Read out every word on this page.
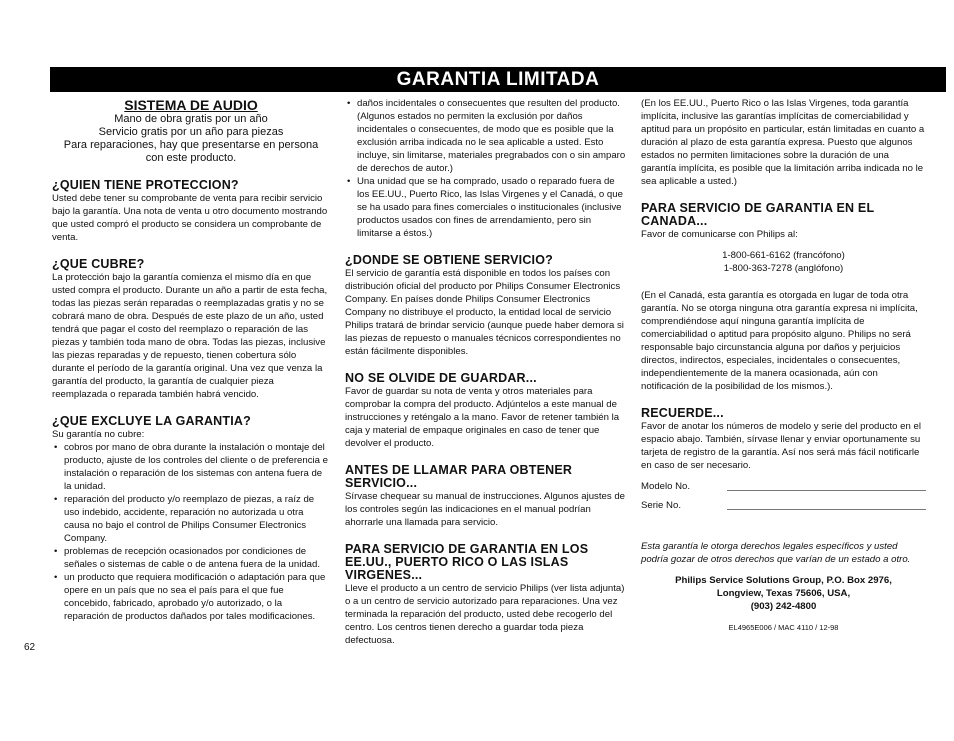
GARANTIA LIMITADA
SISTEMA DE AUDIO
Mano de obra gratis por un año
Servicio gratis por un año para piezas
Para reparaciones, hay que presentarse en persona
con este producto.
¿QUIEN TIENE PROTECCION?

Usted debe tener su comprobante de venta para recibir servicio bajo la garantía. Una nota de venta u otro documento mostrando que usted compró el producto se considera un comprobante de venta.

¿QUE CUBRE?

La protección bajo la garantía comienza el mismo día en que usted compra el producto. Durante un año a partir de esta fecha, todas las piezas serán reparadas o reemplazadas gratis y no se cobrará mano de obra. Después de este plazo de un año, usted tendrá que pagar el costo del reemplazo o reparación de las piezas y también toda mano de obra. Todas las piezas, inclusive las piezas reparadas y de repuesto, tienen cobertura sólo durante el período de la garantía original. Una vez que venza la garantía del producto, la garantía de cualquier pieza reemplazada o reparada también habrá vencido.

¿QUE EXCLUYE LA GARANTIA?

Su garantía no cubre:

• cobros por mano de obra durante la instalación o montaje del producto, ajuste de los controles del cliente o de preferencia e instalación o reparación de los sistemas con antena fuera de la unidad.
• reparación del producto y/o reemplazo de piezas, a raíz de uso indebido, accidente, reparación no autorizada u otra causa no bajo el control de Philips Consumer Electronics Company.
• problemas de recepción ocasionados por condiciones de señales o sistemas de cable o de antena fuera de la unidad.
• un producto que requiera modificación o adaptación para que opere en un país que no sea el país para el que fue concebido, fabricado, aprobado y/o autorizado, o la reparación de productos dañados por tales modificaciones.
62
• daños incidentales o consecuentes que resulten del producto. (Algunos estados no permiten la exclusión por daños incidentales o consecuentes, de modo que es posible que la exclusión arriba indicada no le sea aplicable a usted. Esto incluye, sin limitarse, materiales pregrabados con o sin amparo de derechos de autor.)
• Una unidad que se ha comprado, usado o reparado fuera de los EE.UU., Puerto Rico, las Islas Virgenes y el Canadá, o que se ha usado para fines comerciales o institucionales (inclusive productos usados con fines de arrendamiento, pero sin limitarse a éstos.)
¿DONDE SE OBTIENE SERVICIO?

El servicio de garantía está disponible en todos los países con distribución oficial del producto por Philips Consumer Electronics Company. En países donde Philips Consumer Electronics Company no distribuye el producto, la entidad local de servicio Philips tratará de brindar servicio (aunque puede haber demora si las piezas de repuesto o manuales técnicos correspondientes no están fácilmente disponibles.

NO SE OLVIDE DE GUARDAR...

Favor de guardar su nota de venta y otros materiales para comprobar la compra del producto. Adjúntelos a este manual de instrucciones y reténgalo a la mano. Favor de retener también la caja y material de empaque originales en caso de tener que devolver el producto.

ANTES DE LLAMAR PARA OBTENER SERVICIO...

Sírvase chequear su manual de instrucciones. Algunos ajustes de los controles según las indicaciones en el manual podrían ahorrarle una llamada para servicio.

PARA SERVICIO DE GARANTIA EN LOS EE.UU., PUERTO RICO O LAS ISLAS VIRGENES...

Lleve el producto a un centro de servicio Philips (ver lista adjunta) o a un centro de servicio autorizado para reparaciones. Una vez terminada la reparación del producto, usted debe recogerlo del centro. Los centros tienen derecho a guardar toda pieza defectuosa.

(En los EE.UU., Puerto Rico o las Islas Virgenes, toda garantía implícita, inclusive las garantías implícitas de comerciabilidad y aptitud para un propósito en particular, están limitadas en cuanto a duración al plazo de esta garantía expresa. Puesto que algunos estados no permiten limitaciones sobre la duración de una garantía implícita, es posible que la limitación arriba indicada no le sea aplicable a usted.)

PARA SERVICIO DE GARANTIA EN EL CANADA...

Favor de comunicarse con Philips al:

1-800-661-6162 (francófono)
1-800-363-7278 (anglófono)

(En el Canadá, esta garantía es otorgada en lugar de toda otra garantía. No se otorga ninguna otra garantía expresa ni implícita, comprendiéndose aquí ninguna garantía implícita de comerciabilidad o aptitud para propósito alguno. Philips no será responsable bajo circunstancia alguna por daños y perjuicios directos, indirectos, especiales, incidentales o consecuentes, independientemente de la manera ocasionada, aún con notificación de la posibilidad de los mismos.).

RECUERDE...

Favor de anotar los números de modelo y serie del producto en el espacio abajo. También, sírvase llenar y enviar oportunamente su tarjeta de registro de la garantía. Así nos será más fácil notificarle en caso de ser necesario.

Modelo No.
Serie No.

Esta garantía le otorga derechos legales específicos y usted podría gozar de otros derechos que varían de un estado a otro.

Philips Service Solutions Group, P.O. Box 2976,
Longview, Texas 75606, USA,
(903) 242-4800
EL4965E006 / MAC 4110 / 12-98
